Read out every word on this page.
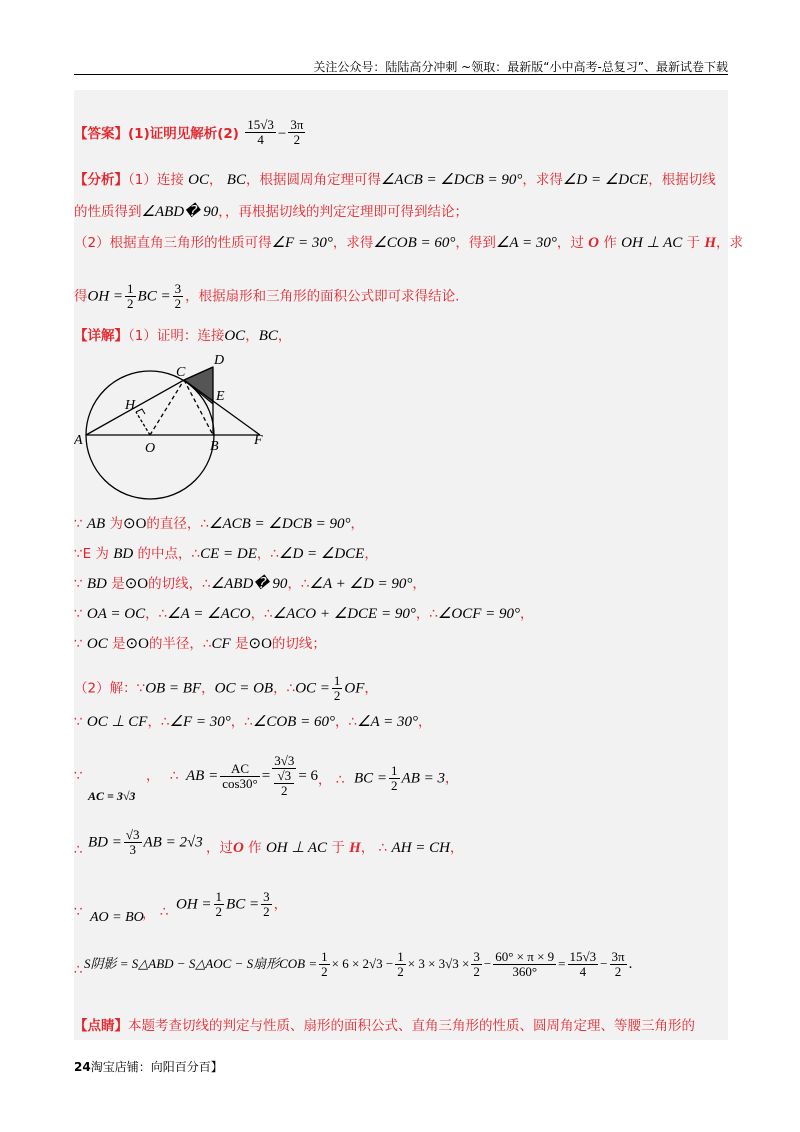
关注公众号：陆陆高分冲刺 ~领取：最新版“小中高考-总复习”、最新试卷下载
【答案】(1)证明见解析$(2) \frac{15√3}{4} - \frac{3\pi}{2}$
【分析】（1）连接 OC， BC，根据圆周角定理可得∠ACB = ∠DCB = 90°，求得∠D = ∠DCE，根据切线
的性质得到∠ABD� 90，，再根据切线的判定定理即可得到结论；
（2）根据直角三角形的性质可得∠F = 30°，求得∠COB = 60°，得到∠A = 30°，过 O 作 OH ⊥ AC 于 H，求
得OH = $\frac{1}{2}$ BC = $\frac{3}{2}$ ，根据扇形和三角形的面积公式即可求得结论.
【详解】（1）证明：连接OC，BC，
A	B
C
D
E
F
H
O
∵ AB 为⊙O的直径，∴∠ACB = ∠DCB = 90°，
∵E 为 BD 的中点，∴CE = DE，∴∠D = ∠DCE，
∵ BD 是⊙O的切线，∴∠ABD� 90，∴∠A + ∠D = 90°，
∵ OA = OC，∴∠A = ∠ACO，∴∠ACO + ∠DCE = 90°，∴∠OCF = 90°，
∵ OC 是⊙O的半径，∴CF 是⊙O的切线；
（2）解：∵OB = BF，OC = OB，∴OC = $\frac{1}{2}$ OF，
∵ OC ⊥ CF，∴∠F = 30°，∴∠COB = 60°，∴∠A = 30°，
∵
AC = 3√3
， ∴ AB = $\frac{AC}{\cos 30^\circ} = 3√3$
√3
2 = 6 ， ∴ BC = $\frac{1}{2}$ AB = 3，
∴ BD = $\frac{√3}{3}$ AB = 2√3 ，过O 作 OH ⊥ AC 于 H， ∴ AH = CH，
∵ AO = BO
， ∴ OH = $\frac{1}{2}$ BC = $\frac{3}{2}$ ，
∴ S阴影 = S△ABD − S△AOC − S扇形COB = $\frac{1}{2} \times 6 \times 2√3 - \frac{1}{2} \times 3 \times 3√3 \times \frac{3}{2} - \frac{60^\circ \times \pi \times 9}{360^\circ} = \frac{15√3}{4} - \frac{3\pi}{2}$ .
【点睛】本题考查切线的判定与性质、扇形的面积公式、直角三角形的性质、圆周角定理、等腰三角形的
24淘宝店铺：向阳百分百】
